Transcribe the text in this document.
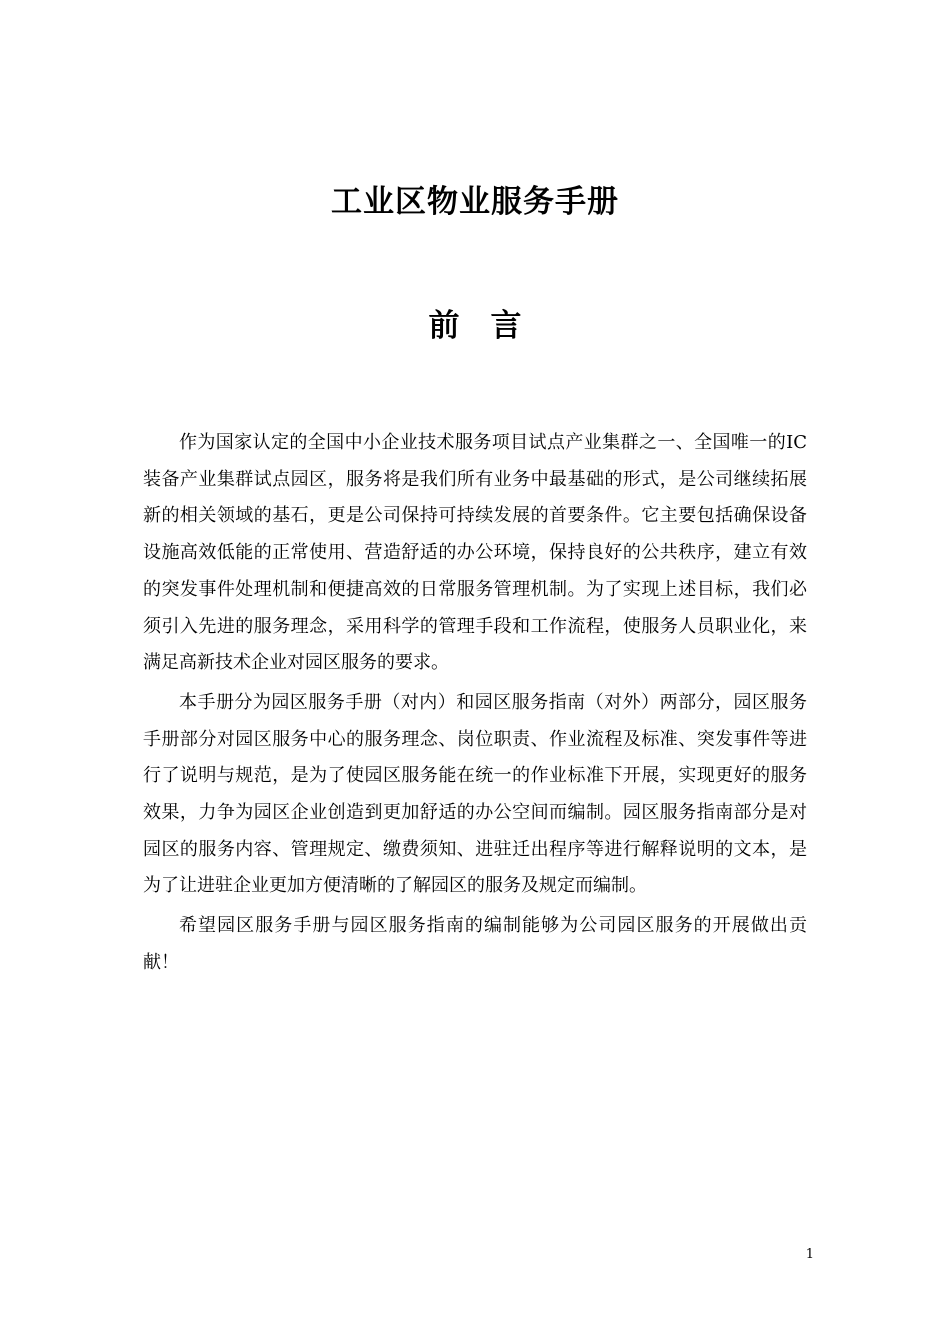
工业区物业服务手册
前　言

作为国家认定的全国中小企业技术服务项目试点产业集群之一、全国唯一的IC装备产业集群试点园区，服务将是我们所有业务中最基础的形式，是公司继续拓展新的相关领域的基石，更是公司保持可持续发展的首要条件。它主要包括确保设备设施高效低能的正常使用、营造舒适的办公环境，保持良好的公共秩序，建立有效的突发事件处理机制和便捷高效的日常服务管理机制。为了实现上述目标，我们必须引入先进的服务理念，采用科学的管理手段和工作流程，使服务人员职业化，来满足高新技术企业对园区服务的要求。

本手册分为园区服务手册（对内）和园区服务指南（对外）两部分，园区服务手册部分对园区服务中心的服务理念、岗位职责、作业流程及标准、突发事件等进行了说明与规范，是为了使园区服务能在统一的作业标准下开展，实现更好的服务效果，力争为园区企业创造到更加舒适的办公空间而编制。园区服务指南部分是对园区的服务内容、管理规定、缴费须知、进驻迁出程序等进行解释说明的文本，是为了让进驻企业更加方便清晰的了解园区的服务及规定而编制。

希望园区服务手册与园区服务指南的编制能够为公司园区服务的开展做出贡献！

1
